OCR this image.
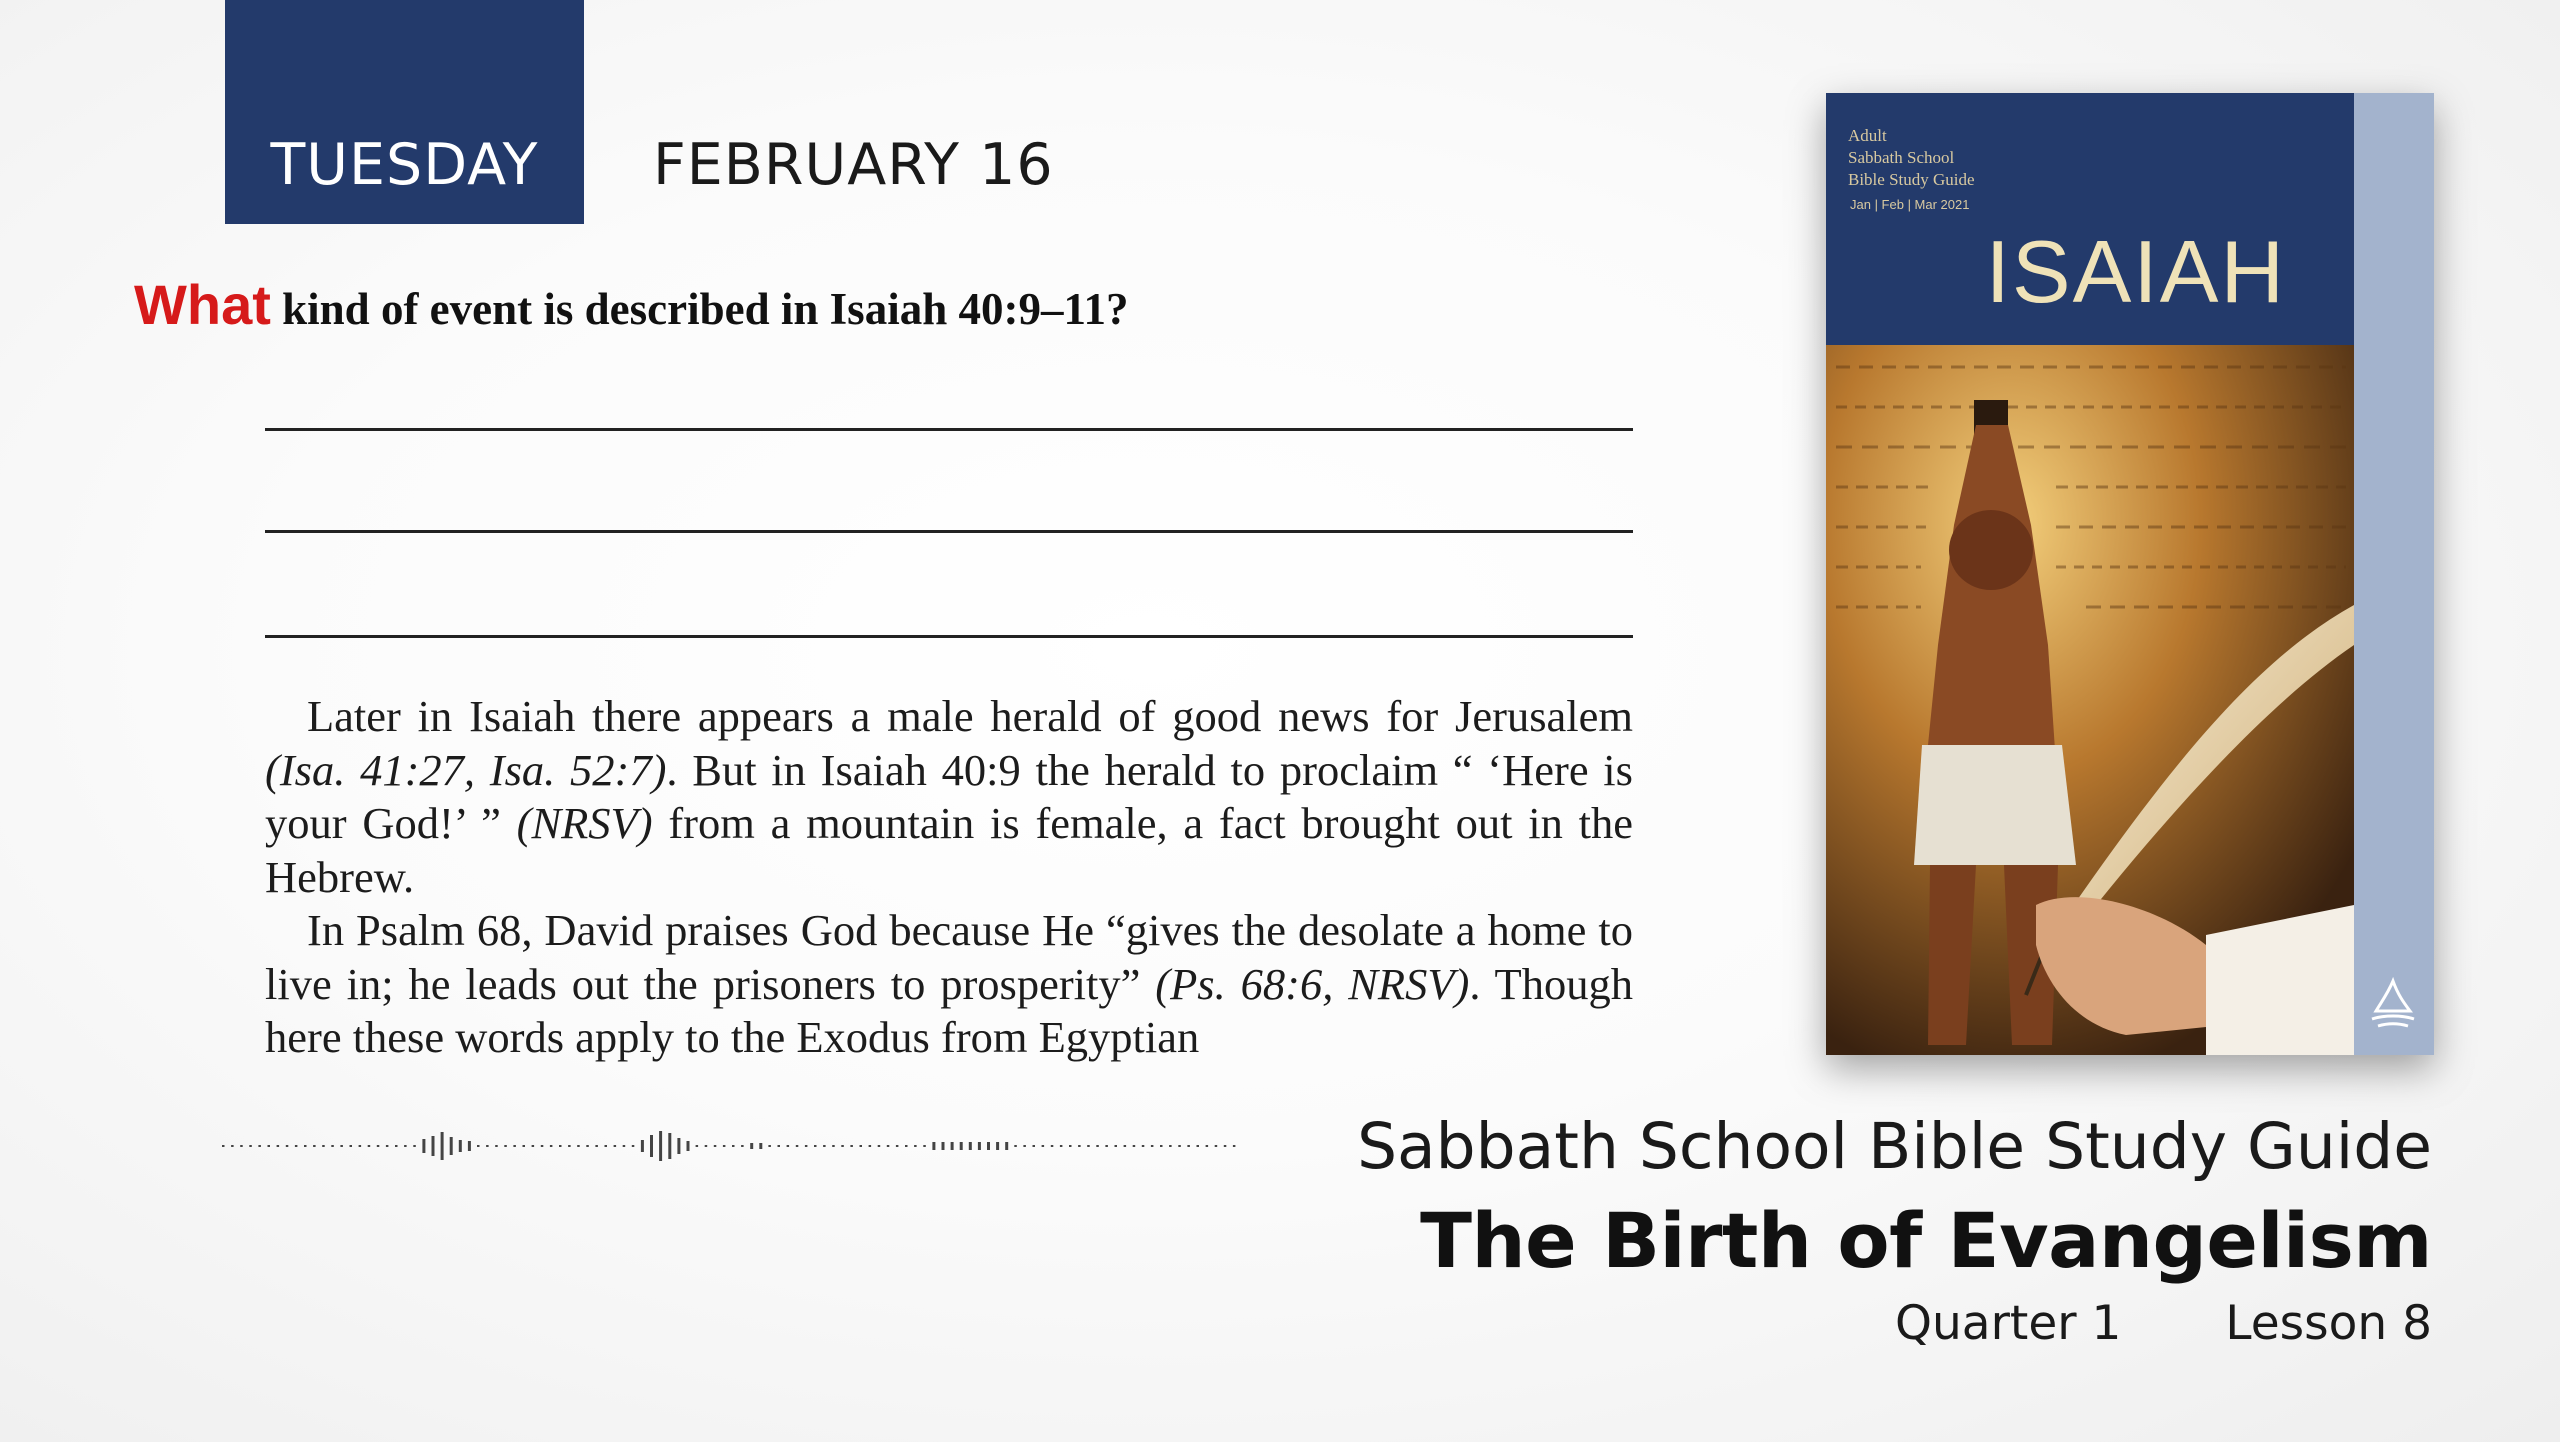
TUESDAY	FEBRUARY 16
What kind of event is described in Isaiah 40:9–11?

Later in Isaiah there appears a male herald of good news for Jerusalem (Isa. 41:27, Isa. 52:7). But in Isaiah 40:9 the herald to proclaim “ ‘Here is your God!’ ” (NRSV) from a mountain is female, a fact brought out in the Hebrew.

In Psalm 68, David praises God because He “gives the desolate a home to live in; he leads out the prisoners to prosperity” (Ps. 68:6, NRSV). Though here these words apply to the Exodus from Egyptian

Adult
Sabbath School
Bible Study Guide
Jan | Feb | Mar 2021
ISAIAH
Sabbath School Bible Study Guide
The Birth of Evangelism
Quarter 1 Lesson 8
